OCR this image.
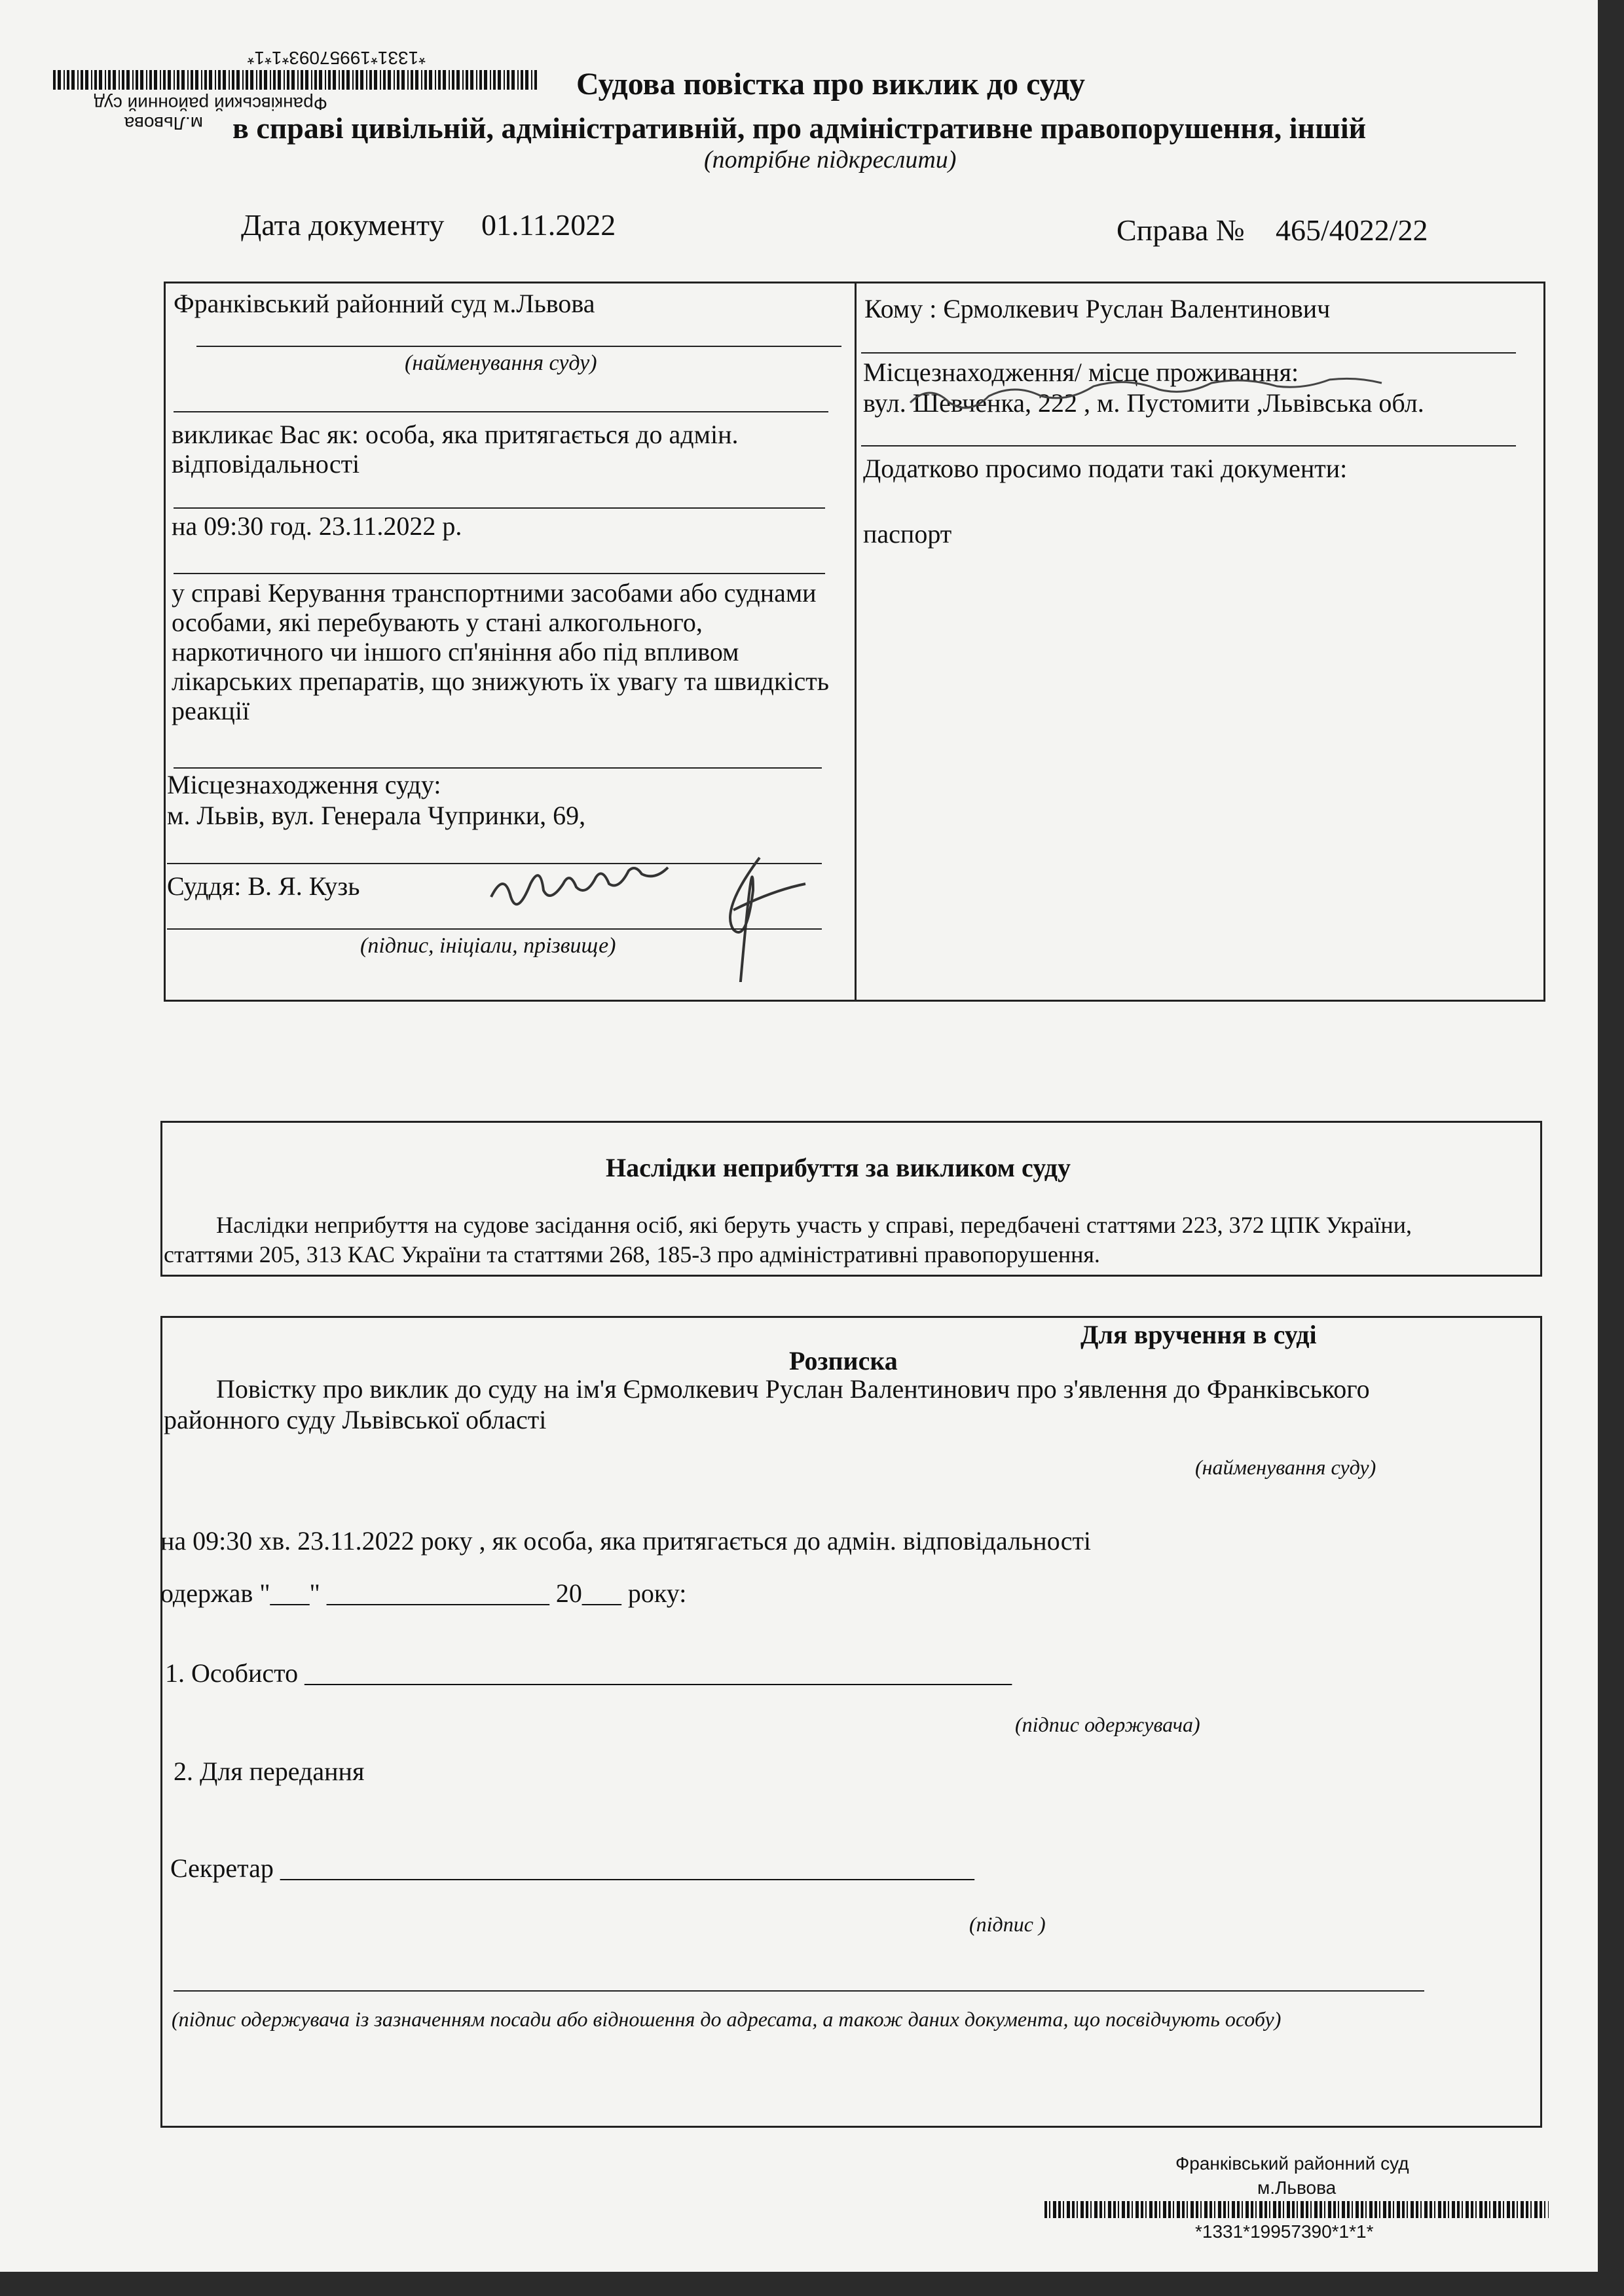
*1331*19957093*1*1*
Франківський районний суд
м.Львова
Судова повістка про виклик до суду
в справі цивільній, адміністративній, про адміністративне правопорушення, іншій
(потрібне підкреслити)
Дата документу 01.11.2022	Справа № 465/4022/22
Франківський районний суд м.Львова
(найменування суду)
викликає Вас як: особа, яка притягається до адмін.
відповідальності
на 09:30 год. 23.11.2022 р.
у справі Керування транспортними засобами або суднами
особами, які перебувають у стані алкогольного,
наркотичного чи іншого сп'яніння або під впливом
лікарських препаратів, що знижують їх увагу та швидкість
реакції
Місцезнаходження суду:
м. Львів, вул. Генерала Чупринки, 69,
Суддя: В. Я. Кузь
(підпис, ініціали, прізвище)
Кому : Єрмолкевич Руслан Валентинович
Місцезнаходження/ місце проживання:
вул. Шевченка, 222 , м. Пустомити ,Львівська обл.
Додатково просимо подати такі документи:
паспорт
Наслідки неприбуття за викликом суду
Наслідки неприбуття на судове засідання осіб, які беруть участь у справі, передбачені статтями 223, 372 ЦПК України,
статтями 205, 313 КАС України та статтями 268, 185-3 про адміністративні правопорушення.
Для вручення в суді
Розписка
Повістку про виклик до суду на ім'я Єрмолкевич Руслан Валентинович про з'явлення до Франківського
районного суду Львівської області
(найменування суду)
на 09:30 хв. 23.11.2022 року , як особа, яка притягається до адмін. відповідальності
одержав "___" _________________ 20___ року:
1. Особисто ______________________________________________________
(підпис одержувача)
2. Для передання
Секретар _____________________________________________________
(підпис )
(підпис одержувача із зазначенням посади або відношення до адресата, а також даних документа, що посвідчують особу)
Франківський районний суд
м.Львова
*1331*19957390*1*1*
